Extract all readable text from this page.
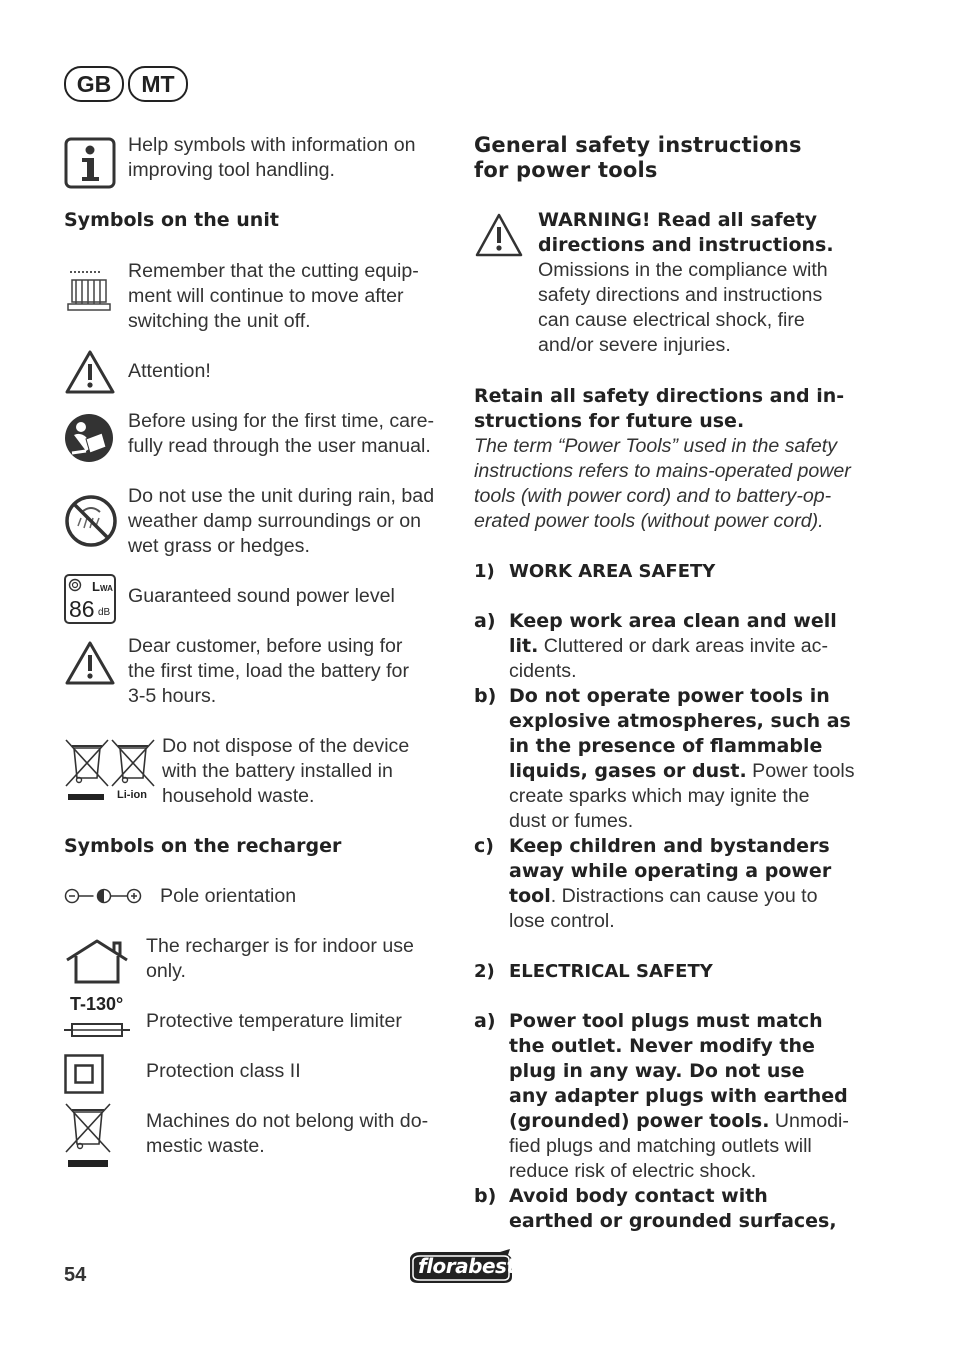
GB	MT
Help symbols with information on
improving tool handling.
Symbols on the unit
Remember that the cutting equip-
ment will continue to move after
switching the unit off.
Attention!
Before using for the first time, care-
fully read through the user manual.
Do not use the unit during rain, bad
weather damp surroundings or on
wet grass or hedges.
LWA
86 dB
Guaranteed sound power level
Dear customer, before using for
the first time, load the battery for
3-5 hours.
Li-ion
Do not dispose of the device
with the battery installed in
household waste.
Symbols on the recharger
Pole orientation
The recharger is for indoor use
only.
T-130°
Protective temperature limiter
Protection class II
Machines do not belong with do-
mestic waste.
General safety instructions
for power tools
WARNING! Read all safety
directions and instructions.
Omissions in the compliance with
safety directions and instructions
can cause electrical shock, fire
and/or severe injuries.
Retain all safety directions and in-
structions for future use.
The term “Power Tools” used in the safety
instructions refers to mains-operated power
tools (with power cord) and to battery-op-
erated power tools (without power cord).
1) WORK AREA SAFETY
a) Keep work area clean and well
lit. Cluttered or dark areas invite ac-
cidents.
b) Do not operate power tools in
explosive atmospheres, such as
in the presence of flammable
liquids, gases or dust. Power tools
create sparks which may ignite the
dust or fumes.
c) Keep children and bystanders
away while operating a power
tool. Distractions can cause you to
lose control.
2) ELECTRICAL SAFETY
a) Power tool plugs must match
the outlet. Never modify the
plug in any way. Do not use
any adapter plugs with earthed
(grounded) power tools. Unmodi-
fied plugs and matching outlets will
reduce risk of electric shock.
b) Avoid body contact with
earthed or grounded surfaces,
54	florabest
